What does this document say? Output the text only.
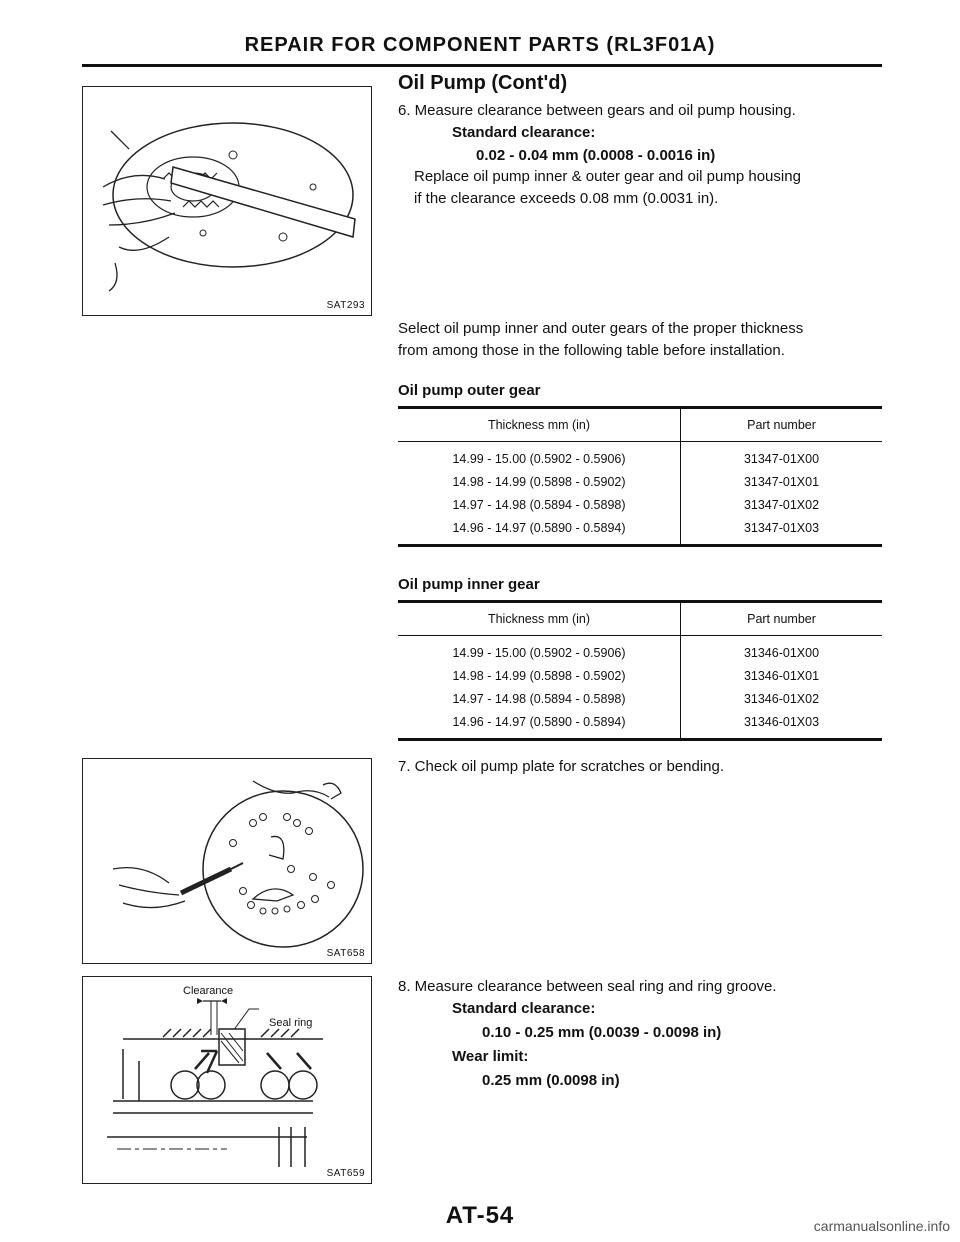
REPAIR FOR COMPONENT PARTS (RL3F01A)
SAT293
Oil Pump (Cont'd)
6. Measure clearance between gears and oil pump housing.
Standard clearance:
0.02 - 0.04 mm (0.0008 - 0.0016 in)
Replace oil pump inner & outer gear and oil pump housing
if the clearance exceeds 0.08 mm (0.0031 in).
Select oil pump inner and outer gears of the proper thickness
from among those in the following table before installation.
Oil pump outer gear
Thickness mm (in)	Part number
14.99 - 15.00 (0.5902 - 0.5906)	31347-01X00
14.98 - 14.99 (0.5898 - 0.5902)	31347-01X01
14.97 - 14.98 (0.5894 - 0.5898)	31347-01X02
14.96 - 14.97 (0.5890 - 0.5894)	31347-01X03
Oil pump inner gear
Thickness mm (in)	Part number
14.99 - 15.00 (0.5902 - 0.5906)	31346-01X00
14.98 - 14.99 (0.5898 - 0.5902)	31346-01X01
14.97 - 14.98 (0.5894 - 0.5898)	31346-01X02
14.96 - 14.97 (0.5890 - 0.5894)	31346-01X03
SAT658
7. Check oil pump plate for scratches or bending.
Clearance
Seal ring
SAT659
8. Measure clearance between seal ring and ring groove.
Standard clearance:
0.10 - 0.25 mm (0.0039 - 0.0098 in)
Wear limit:
0.25 mm (0.0098 in)
AT-54	carmanualsonline.info
